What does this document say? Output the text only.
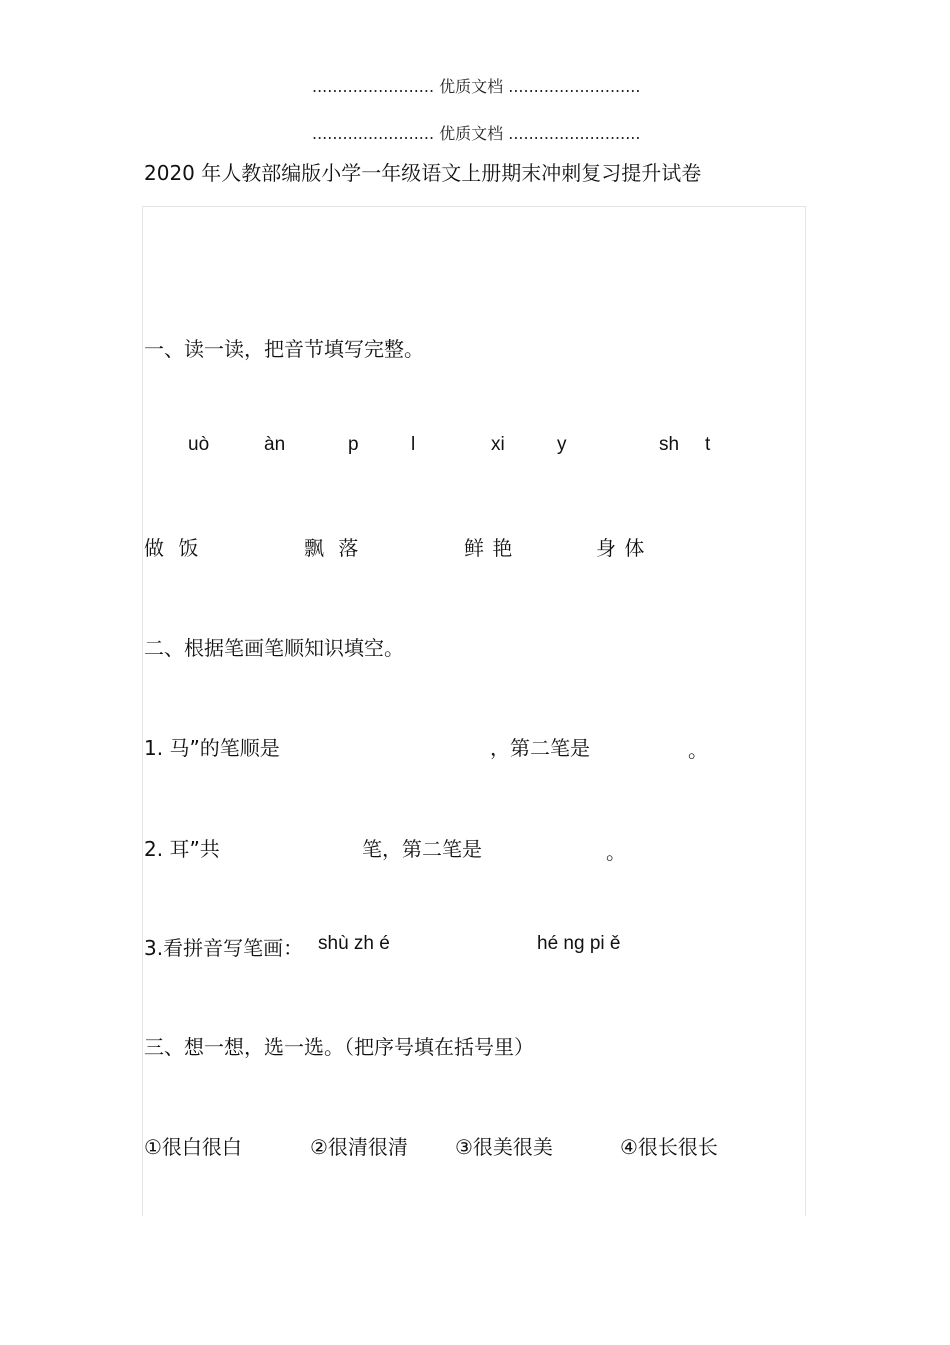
........................ 优质文档 ..........................
........................ 优质文档 ..........................
2020 年人教部编版小学一年级语文上册期末冲刺复习提升试卷
一、读一读，把音节填写完整。
uò	àn	p	l	xi	y	sh t
做 饭	飘 落	鲜 艳	身 体
二、根据笔画笔顺知识填空。
1. 马”的笔顺是	，第二笔是	。
2. 耳”共	笔，第二笔是	。
3.看拼音写笔画： shù zh é	hé ng pi ě
三、想一想，选一选。（把序号填在括号里）
①很白很白	②很清很清 ③很美很美	④很长很长
